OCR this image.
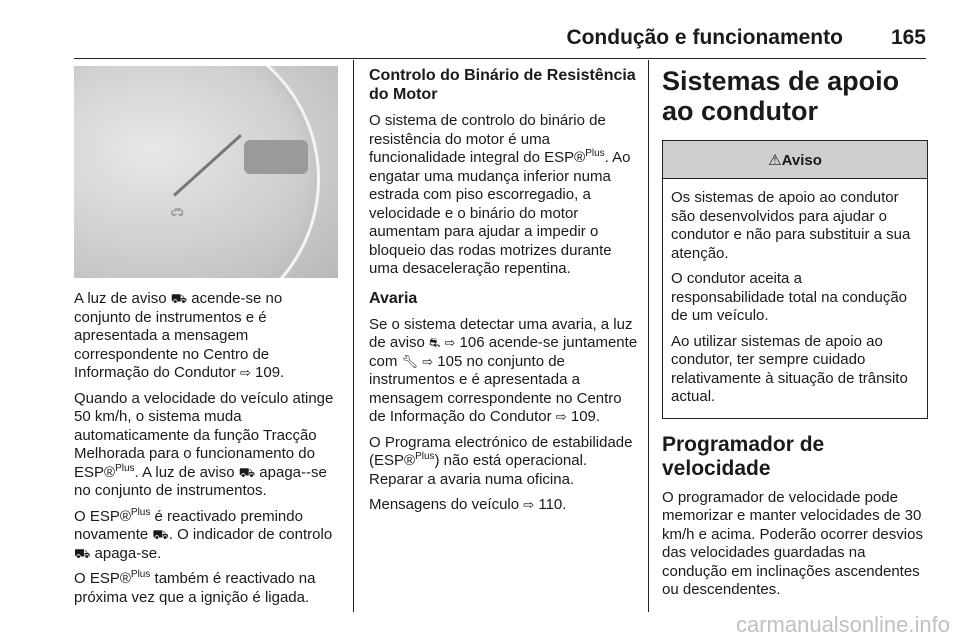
Condução e funcionamento 165
🚗︎

A luz de aviso ⛟ acende-se no conjunto de instrumentos e é apresentada a mensagem correspondente no Centro de Informação do Condutor ⇨ 109.

Quando a velocidade do veículo atinge 50 km/h, o sistema muda automaticamente da função Tracção Melhorada para o funcionamento do ESP®$^{Plus}$. A luz de aviso ⛟ apaga--se no conjunto de instrumentos.

O ESP®$^{Plus}$ é reactivado premindo novamente ⛟. O indicador de controlo ⛟ apaga-se.

O ESP®$^{Plus}$ também é reactivado na próxima vez que a ignição é ligada.

Controlo do Binário de Resistência do Motor

O sistema de controlo do binário de resistência do motor é uma funcionalidade integral do ESP®$^{Plus}$. Ao engatar uma mudança inferior numa estrada com piso escorregadio, a velocidade e o binário do motor aumentam para ajudar a impedir o bloqueio das rodas motrizes durante uma desaceleração repentina.

Avaria

Se o sistema detectar uma avaria, a luz de aviso ⛐ ⇨ 106 acende-se juntamente com 🔧︎ ⇨ 105 no conjunto de instrumentos e é apresentada a mensagem correspondente no Centro de Informação do Condutor ⇨ 109.

O Programa electrónico de estabilidade (ESP®$^{Plus}$) não está operacional. Reparar a avaria numa oficina.

Mensagens do veículo ⇨ 110.

Sistemas de apoio ao condutor
⚠Aviso

Os sistemas de apoio ao condutor são desenvolvidos para ajudar o condutor e não para substituir a sua atenção.

O condutor aceita a responsabilidade total na condução de um veículo.

Ao utilizar sistemas de apoio ao condutor, ter sempre cuidado relativamente à situação de trânsito actual.

Programador de velocidade

O programador de velocidade pode memorizar e manter velocidades de 30 km/h e acima. Poderão ocorrer desvios das velocidades guardadas na condução em inclinações ascendentes ou descendentes.

carmanualsonline.info
